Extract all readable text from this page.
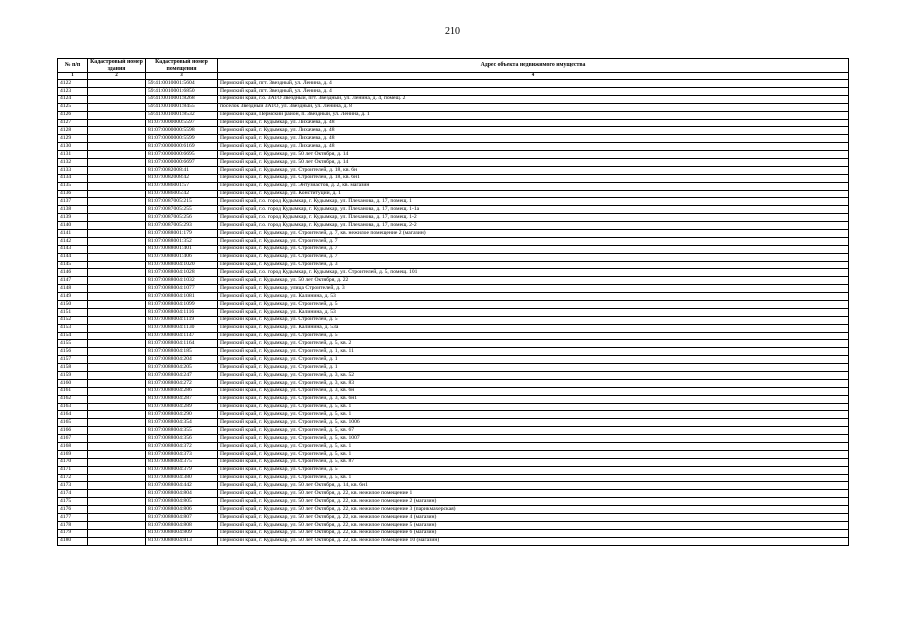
210
№ п/п	Кадастровый номер здания	Кадастровый номер помещения	Адрес объекта недвижимого имущества
1	2	3	4
4122		59:41:0010001:5604	Пермский край, пгт. Звездный, ул. Ленина, д. 4
4123		59:41:0010001:6850	Пермский край, пгт. Звездный, ул. Ленина, д. 4
4124		59:41:0010001:8268	Пермский край, г.о. ЗАТО Звездный, пгт. Звездный, ул. Ленина, д. 4, помещ. 2
4125		59:41:0010001:8455	поселок Звездный ЗАТО, ул. Звездный, ул. Ленина, д. 8
4126		59:41:0010001:8532	Пермский край, Пермский район, п. Звездный, ул. Ленина, д. 1
4127		81:07:0000000:5597	Пермский край, г. Кудымкар, ул. Лихачева, д. 48
4128		81:07:0000000:5598	Пермский край, г. Кудымкар, ул. Лихачева, д. 48
4129		81:07:0000000:5599	Пермский край, г. Кудымкар, ул. Лихачева, д. 48
4130		81:07:0000000:6169	Пермский край, г. Кудымкар, ул. Лихачева, д. 48
4131		81:07:0000000:6695	Пермский край, г. Кудымкар, ул. 50 лет Октября, д. 14
4132		81:07:0000000:6697	Пермский край, г. Кудымкар, ул. 50 лет Октября, д. 14
4133		81:07:0082008:41	Пермский край, г. Кудымкар, ул. Строителей, д. 18, кв. 6н
4134		81:07:0082008:42	Пермский край, г. Кудымкар, ул. Строителей, д. 18, кв. 6н1
4135		81:07:0086001:57	Пермский край, г. Кудымкар, ул. Энтузиастов, д. 2, кв. магазин
4136		81:07:0086005:42	Пермский край, г. Кудымкар, ул. Конституции, д. 1
4137		81:07:0087005:215	Пермский край, г.о. город Кудымкар, г. Кудымкар, ул. Плеханова, д. 17, помещ. 1
4138		81:07:0087005:255	Пермский край, г.о. город Кудымкар, г. Кудымкар, ул. Плеханова, д. 17, помещ. 1-1а
4139		81:07:0087005:256	Пермский край, г.о. город Кудымкар, г. Кудымкар, ул. Плеханова, д. 17, помещ. 1-2
4140		81:07:0087005:293	Пермский край, г.о. город Кудымкар, г. Кудымкар, ул. Плеханова, д. 17, помещ. 2-2
4141		81:07:0088001:179	Пермский край, г. Кудымкар, ул. Строителей, д. 7, кв. нежилое помещение 2 (магазин)
4142		81:07:0088001:352	Пермский край, г. Кудымкар, ул. Строителей, д. 7
4143		81:07:0088001:401	Пермский край, г. Кудымкар, ул. Строителей, д. 7
4144		81:07:0088001:406	Пермский край, г. Кудымкар, ул. Строителей, д. 7
4145		81:07:0088004:1020	Пермский край, г. Кудымкар, ул. Строителей, д. 3
4146		81:07:0088004:1028	Пермский край, г.о. город Кудымкар, г. Кудымкар, ул. Строителей, д. 5, помещ. 101
4147		81:07:0088004:1032	Пермский край, г. Кудымкар, ул. 50 лет Октября, д. 22
4148		81:07:0088004:1077	Пермский край, г. Кудымкар, улица Строителей, д. 3
4149		81:07:0088004:1081	Пермский край, г. Кудымкар, ул. Калинина, д. 53
4150		81:07:0088004:1099	Пермский край, г. Кудымкар, ул. Строителей, д. 5
4151		81:07:0088004:1116	Пермский край, г. Кудымкар, ул. Калинина, д. 53
4152		81:07:0088004:1119	Пермский край, г. Кудымкар, ул. Строителей, д. 5
4153		81:07:0088004:1130	Пермский край, г. Кудымкар, ул. Калинина, д. 53а
4154		81:07:0088004:1147	Пермский край, г. Кудымкар, ул. Строителей, д. 5
4155		81:07:0088004:1164	Пермский край, г. Кудымкар, ул. Строителей, д. 5, кв. 2
4156		81:07:0088004:185	Пермский край, г. Кудымкар, ул. Строителей, д. 1, кв. 11
4157		81:07:0088004:204	Пермский край, г. Кудымкар, ул. Строителей, д. 1
4158		81:07:0088004:205	Пермский край, г. Кудымкар, ул. Строителей, д. 1
4159		81:07:0088004:247	Пермский край, г. Кудымкар, ул. Строителей, д. 3, кв. 52
4160		81:07:0088004:272	Пермский край, г. Кудымкар, ул. Строителей, д. 3, кв. 83
4161		81:07:0088004:286	Пермский край, г. Кудымкар, ул. Строителей, д. 3, кв. 6н
4162		81:07:0088004:287	Пермский край, г. Кудымкар, ул. Строителей, д. 3, кв. 6н1
4163		81:07:0088004:289	Пермский край, г. Кудымкар, ул. Строителей, д. 5, кв. 1
4164		81:07:0088004:290	Пермский край, г. Кудымкар, ул. Строителей, д. 5, кв. 1
4165		81:07:0088004:354	Пермский край, г. Кудымкар, ул. Строителей, д. 5, кв. 1006
4166		81:07:0088004:355	Пермский край, г. Кудымкар, ул. Строителей, д. 5, кв. 67
4167		81:07:0088004:356	Пермский край, г. Кудымкар, ул. Строителей, д. 5, кв. 1007
4168		81:07:0088004:372	Пермский край, г. Кудымкар, ул. Строителей, д. 5, кв. 1
4169		81:07:0088004:373	Пермский край, г. Кудымкар, ул. Строителей, д. 5, кв. 1
4170		81:07:0088004:375	Пермский край, г. Кудымкар, ул. Строителей, д. 5, кв. 87
4171		81:07:0088004:379	Пермский край, г. Кудымкар, ул. Строителей, д. 5
4172		81:07:0088004:380	Пермский край, г. Кудымкар, ул. Строителей, д. 5, кв. 1
4173		81:07:0088004:442	Пермский край, г. Кудымкар, ул. 50 лет Октября, д. 14, кв. 6н1
4174		81:07:0088004:804	Пермский край, г. Кудымкар, ул. 50 лет Октября, д. 22, кв. нежилое помещение 1
4175		81:07:0088004:805	Пермский край, г. Кудымкар, ул. 50 лет Октября, д. 22, кв. нежилое помещение 2 (магазин)
4176		81:07:0088004:806	Пермский край, г. Кудымкар, ул. 50 лет Октября, д. 22, кв. нежилое помещение 3 (парикмахерская)
4177		81:07:0088004:807	Пермский край, г. Кудымкар, ул. 50 лет Октября, д. 22, кв. нежилое помещение 4 (магазин)
4178		81:07:0088004:808	Пермский край, г. Кудымкар, ул. 50 лет Октября, д. 22, кв. нежилое помещение 5 (магазин)
4179		81:07:0088004:809	Пермский край, г. Кудымкар, ул. 50 лет Октября, д. 22, кв. нежилое помещение 6 (магазин)
4180		81:07:0088004:813	Пермский край, г. Кудымкар, ул. 50 лет Октября, д. 22, кв. нежилое помещение 10 (магазин)
